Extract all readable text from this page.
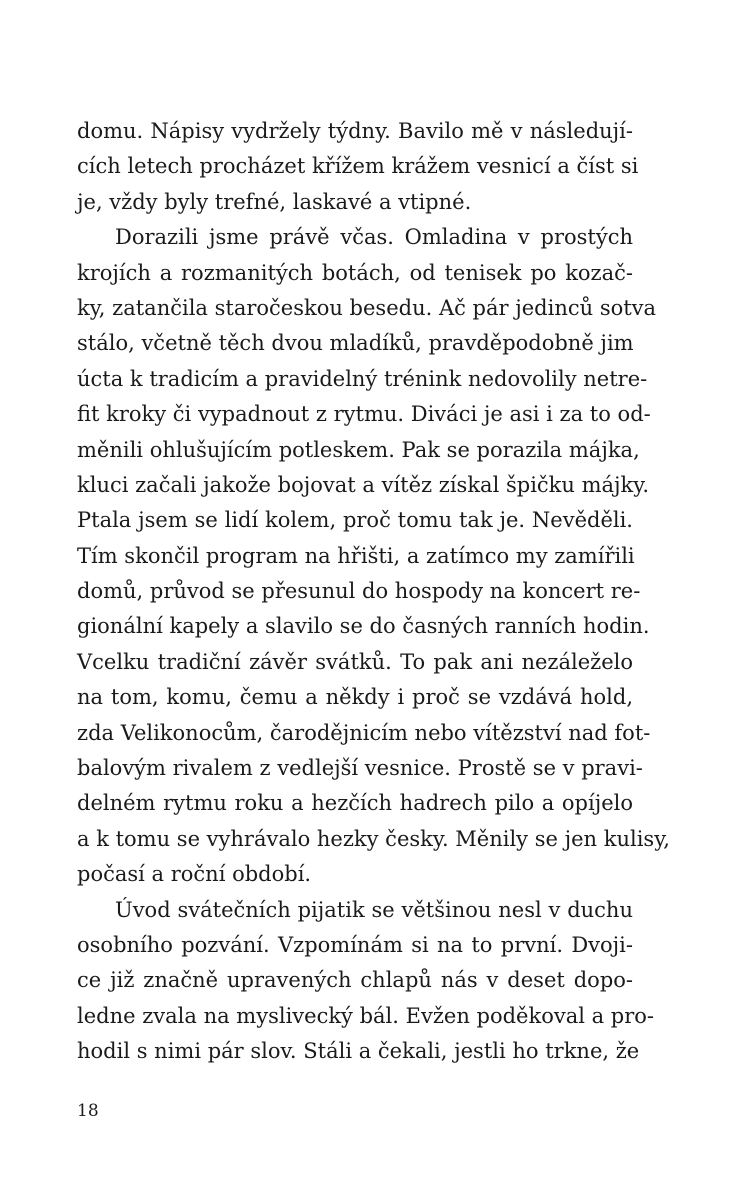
domu. Nápisy vydržely týdny. Bavilo mě v následují-
cích letech procházet křížem krážem vesnicí a číst si
je, vždy byly trefné, laskavé a vtipné.
Dorazili jsme právě včas. Omladina v prostých
krojích a rozmanitých botách, od tenisek po kozač-
ky, zatančila staročeskou besedu. Ač pár jedinců sotva
stálo, včetně těch dvou mladíků, pravděpodobně jim
úcta k tradicím a pravidelný trénink nedovolily netre-
fit kroky či vypadnout z rytmu. Diváci je asi i za to od-
měnili ohlušujícím potleskem. Pak se porazila májka,
kluci začali jakože bojovat a vítěz získal špičku májky.
Ptala jsem se lidí kolem, proč tomu tak je. Nevěděli.
Tím skončil program na hřišti, a zatímco my zamířili
domů, průvod se přesunul do hospody na koncert re-
gionální kapely a slavilo se do časných ranních hodin.
Vcelku tradiční závěr svátků. To pak ani nezáleželo
na tom, komu, čemu a někdy i proč se vzdává hold,
zda Velikonocům, čarodějnicím nebo vítězství nad fot-
balovým rivalem z vedlejší vesnice. Prostě se v pravi-
delném rytmu roku a hezčích hadrech pilo a opíjelo
a k tomu se vyhrávalo hezky česky. Měnily se jen kulisy,
počasí a roční období.
Úvod svátečních pijatik se většinou nesl v duchu
osobního pozvání. Vzpomínám si na to první. Dvoji-
ce již značně upravených chlapů nás v deset dopo-
ledne zvala na myslivecký bál. Evžen poděkoval a pro-
hodil s nimi pár slov. Stáli a čekali, jestli ho trkne, že
18
